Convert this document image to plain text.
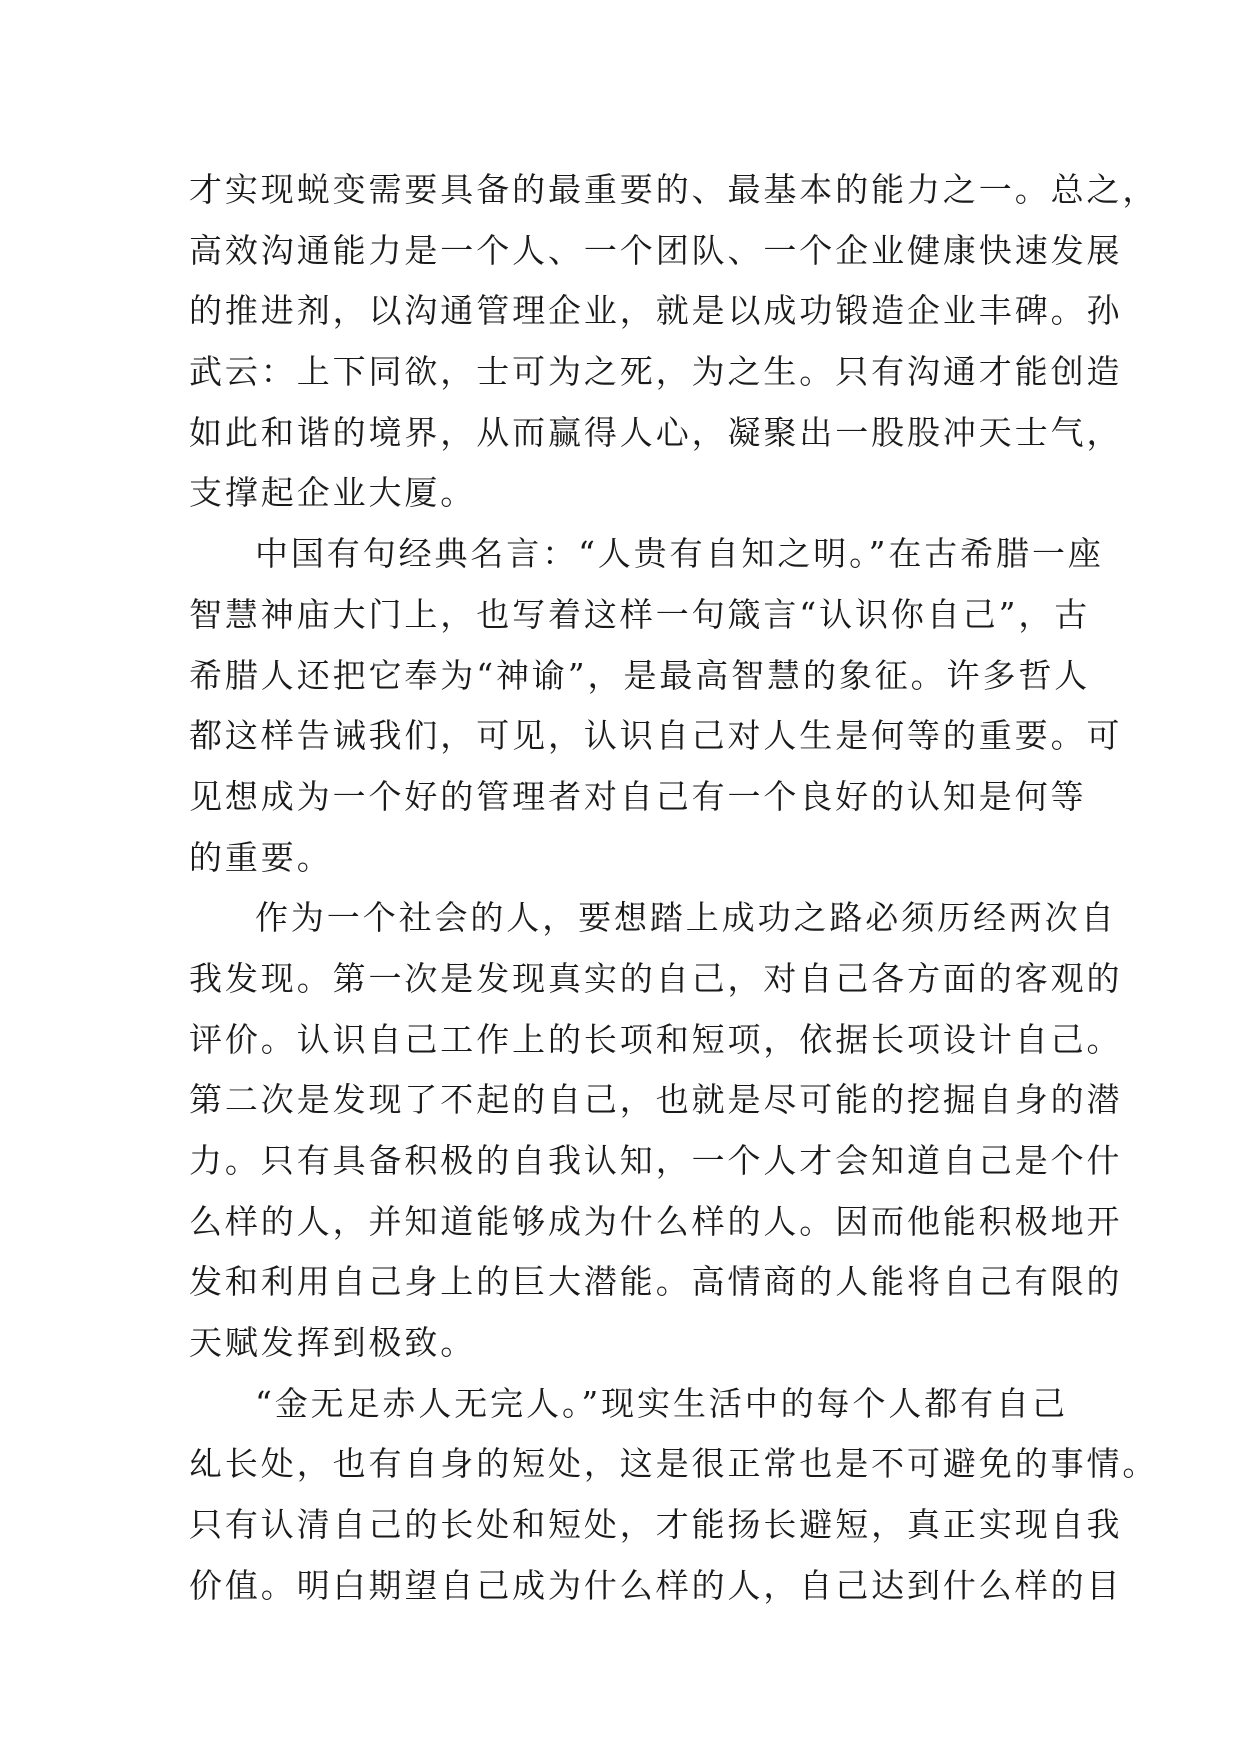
才实现蜕变需要具备的最重要的、最基本的能力之一。总之，
高效沟通能力是一个人、一个团队、一个企业健康快速发展
的推进剂，以沟通管理企业，就是以成功锻造企业丰碑。孙
武云：上下同欲，士可为之死，为之生。只有沟通才能创造
如此和谐的境界，从而赢得人心，凝聚出一股股冲天士气，
支撑起企业大厦。
中国有句经典名言：“人贵有自知之明。”在古希腊一座
智慧神庙大门上，也写着这样一句箴言“认识你自己”，古
希腊人还把它奉为“神谕”，是最高智慧的象征。许多哲人
都这样告诫我们，可见，认识自己对人生是何等的重要。可
见想成为一个好的管理者对自己有一个良好的认知是何等
的重要。
作为一个社会的人，要想踏上成功之路必须历经两次自
我发现。第一次是发现真实的自己，对自己各方面的客观的
评价。认识自己工作上的长项和短项，依据长项设计自己。
第二次是发现了不起的自己，也就是尽可能的挖掘自身的潜
力。只有具备积极的自我认知，一个人才会知道自己是个什
么样的人，并知道能够成为什么样的人。因而他能积极地开
发和利用自己身上的巨大潜能。高情商的人能将自己有限的
天赋发挥到极致。
“金无足赤人无完人。”现实生活中的每个人都有自己
乣长处，也有自身的短处，这是很正常也是不可避免的事情。
只有认清自己的长处和短处，才能扬长避短，真正实现自我
价值。明白期望自己成为什么样的人，自己达到什么样的目
